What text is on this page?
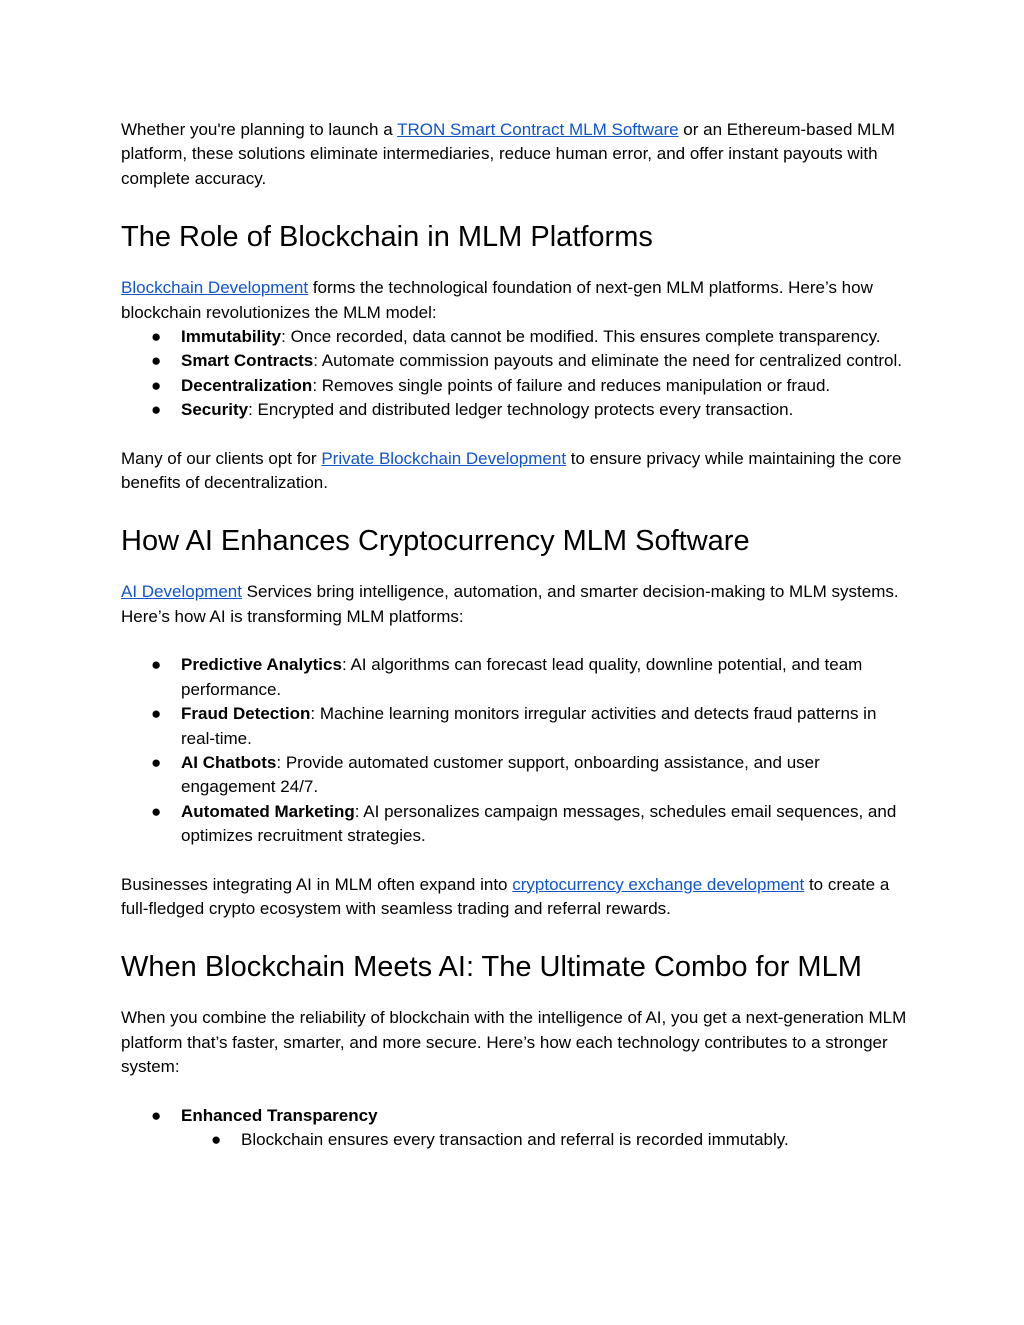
Whether you're planning to launch a TRON Smart Contract MLM Software or an Ethereum-based MLM platform, these solutions eliminate intermediaries, reduce human error, and offer instant payouts with complete accuracy.

The Role of Blockchain in MLM Platforms

Blockchain Development forms the technological foundation of next-gen MLM platforms. Here’s how blockchain revolutionizes the MLM model:

● Immutability: Once recorded, data cannot be modified. This ensures complete transparency.
● Smart Contracts: Automate commission payouts and eliminate the need for centralized control.
● Decentralization: Removes single points of failure and reduces manipulation or fraud.
● Security: Encrypted and distributed ledger technology protects every transaction.

Many of our clients opt for Private Blockchain Development to ensure privacy while maintaining the core benefits of decentralization.

How AI Enhances Cryptocurrency MLM Software

AI Development Services bring intelligence, automation, and smarter decision-making to MLM systems. Here’s how AI is transforming MLM platforms:

● Predictive Analytics: AI algorithms can forecast lead quality, downline potential, and team performance.
● Fraud Detection: Machine learning monitors irregular activities and detects fraud patterns in real-time.
● AI Chatbots: Provide automated customer support, onboarding assistance, and user engagement 24/7.
● Automated Marketing: AI personalizes campaign messages, schedules email sequences, and optimizes recruitment strategies.

Businesses integrating AI in MLM often expand into cryptocurrency exchange development to create a full-fledged crypto ecosystem with seamless trading and referral rewards.

When Blockchain Meets AI: The Ultimate Combo for MLM

When you combine the reliability of blockchain with the intelligence of AI, you get a next-generation MLM platform that’s faster, smarter, and more secure. Here’s how each technology contributes to a stronger system:

● Enhanced Transparency
● Blockchain ensures every transaction and referral is recorded immutably.
